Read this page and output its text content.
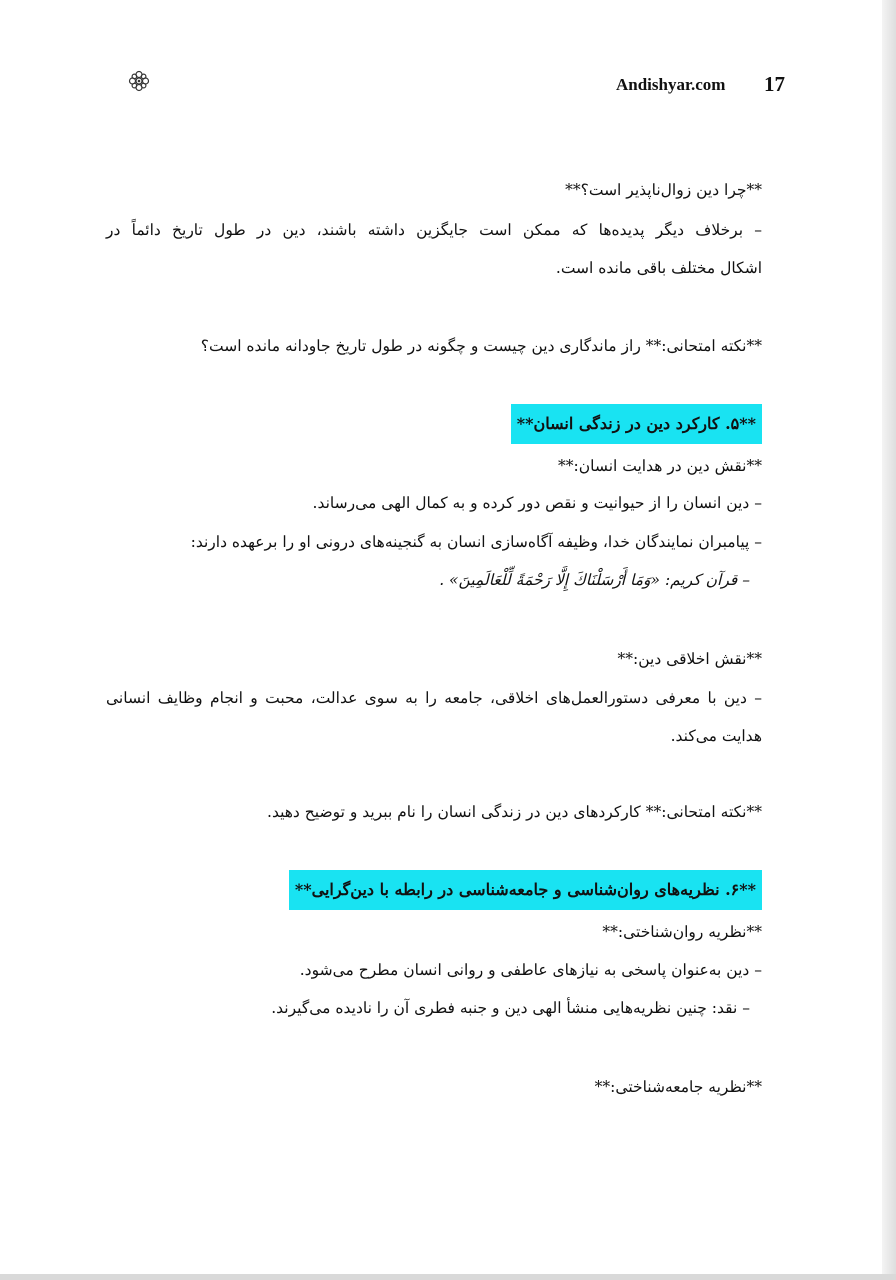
Andishyar.com 17
**چرا دین زوال‌ناپذیر است؟**
– برخلاف دیگر پدیده‌ها که ممکن است جایگزین داشته باشند، دین در طول تاریخ دائماً در
اشکال مختلف باقی مانده است.
**نکته امتحانی:** راز ماندگاری دین چیست و چگونه در طول تاریخ جاودانه مانده است؟
**۵. کارکرد دین در زندگی انسان**
**نقش دین در هدایت انسان:**
– دین انسان را از حیوانیت و نقص دور کرده و به کمال الهی می‌رساند.
– پیامبران نمایندگان خدا، وظیفه آگاه‌سازی انسان به گنجینه‌های درونی او را برعهده دارند:
– قرآن کریم: «وَمَا أَرْسَلْنَاكَ إِلَّا رَحْمَةً لِّلْعَالَمِينَ» .
**نقش اخلاقی دین:**
– دین با معرفی دستورالعمل‌های اخلاقی، جامعه را به سوی عدالت، محبت و انجام وظایف انسانی
هدایت می‌کند.
**نکته امتحانی:** کارکردهای دین در زندگی انسان را نام ببرید و توضیح دهید.
**۶. نظریه‌های روان‌شناسی و جامعه‌شناسی در رابطه با دین‌گرایی**
**نظریه روان‌شناختی:**
– دین به‌عنوان پاسخی به نیازهای عاطفی و روانی انسان مطرح می‌شود.
– نقد: چنین نظریه‌هایی منشأ الهی دین و جنبه فطری آن را نادیده می‌گیرند.
**نظریه جامعه‌شناختی:**
